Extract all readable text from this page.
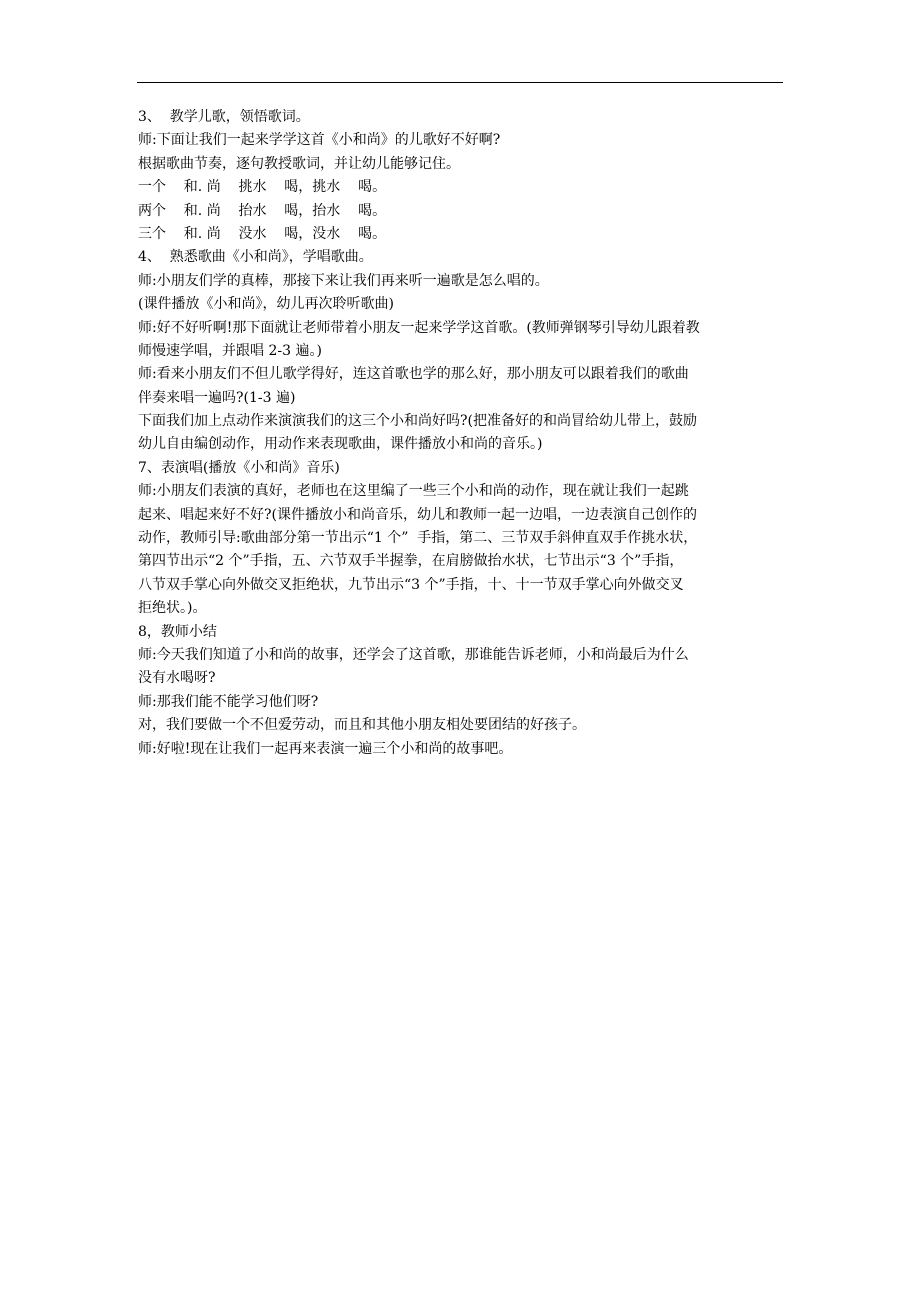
3、  教学儿歌，领悟歌词。
师:下面让我们一起来学学这首《小和尚》的儿歌好不好啊?
根据歌曲节奏，逐句教授歌词，并让幼儿能够记住。
一个    和. 尚    挑水    喝，挑水    喝。
两个    和. 尚    抬水    喝，抬水    喝。
三个    和. 尚    没水    喝，没水    喝。
4、  熟悉歌曲《小和尚》，学唱歌曲。
师:小朋友们学的真棒，那接下来让我们再来听一遍歌是怎么唱的。
(课件播放《小和尚》，幼儿再次聆听歌曲)
师:好不好听啊!那下面就让老师带着小朋友一起来学学这首歌。(教师弹钢琴引导幼儿跟着教
师慢速学唱，并跟唱 2-3 遍。)
师:看来小朋友们不但儿歌学得好，连这首歌也学的那么好，那小朋友可以跟着我们的歌曲
伴奏来唱一遍吗?(1-3 遍)
下面我们加上点动作来演演我们的这三个小和尚好吗?(把准备好的和尚冒给幼儿带上，鼓励
幼儿自由编创动作，用动作来表现歌曲，课件播放小和尚的音乐。)
7、表演唱(播放《小和尚》音乐)
师:小朋友们表演的真好，老师也在这里编了一些三个小和尚的动作，现在就让我们一起跳
起来、唱起来好不好?(课件播放小和尚音乐，幼儿和教师一起一边唱，一边表演自己创作的
动作，教师引导:歌曲部分第一节出示“1 个”  手指，第二、三节双手斜伸直双手作挑水状，
第四节出示“2 个”手指，五、六节双手半握拳，在肩膀做抬水状，七节出示“3 个”手指，
八节双手掌心向外做交叉拒绝状，九节出示“3 个”手指，十、十一节双手掌心向外做交叉
拒绝状。)。
8，教师小结
师:今天我们知道了小和尚的故事，还学会了这首歌，那谁能告诉老师，小和尚最后为什么
没有水喝呀?
师:那我们能不能学习他们呀?
对，我们要做一个不但爱劳动，而且和其他小朋友相处要团结的好孩子。
师:好啦!现在让我们一起再来表演一遍三个小和尚的故事吧。
